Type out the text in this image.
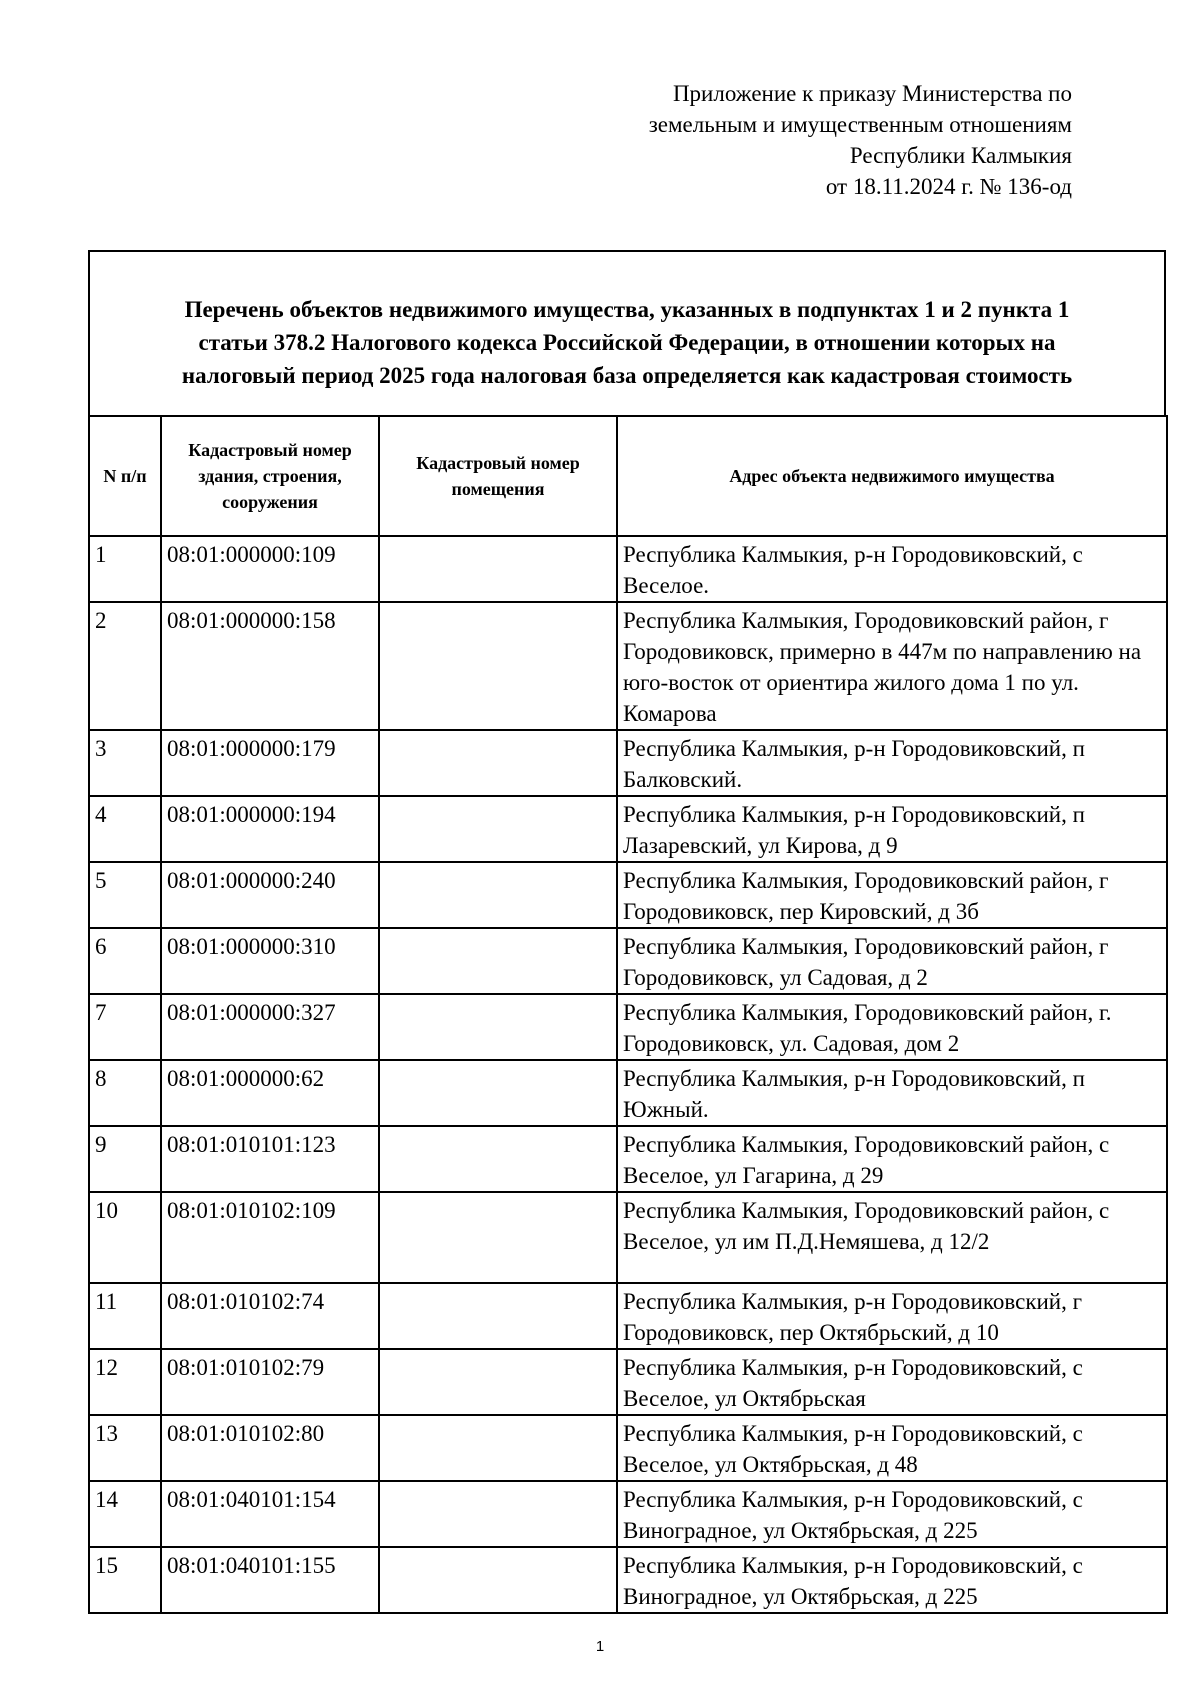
Приложение к приказу Министерства по
земельным и имущественным отношениям
Республики Калмыкия
от 18.11.2024 г. № 136-од
Перечень объектов недвижимого имущества, указанных в подпунктах 1 и 2 пункта 1
статьи 378.2 Налогового кодекса Российской Федерации, в отношении которых на
налоговый период 2025 года налоговая база определяется как кадастровая стоимость
N п/п	Кадастровый номер здания, строения, сооружения	Кадастровый номер помещения	Адрес объекта недвижимого имущества
1	08:01:000000:109		Республика Калмыкия, р-н Городовиковский, с Веселое.
2	08:01:000000:158		Республика Калмыкия, Городовиковский район, г Городовиковск, примерно в 447м по направлению на юго-восток от ориентира жилого дома 1 по ул. Комарова
3	08:01:000000:179		Республика Калмыкия, р-н Городовиковский, п Балковский.
4	08:01:000000:194		Республика Калмыкия, р-н Городовиковский, п Лазаревский, ул Кирова, д 9
5	08:01:000000:240		Республика Калмыкия, Городовиковский район, г Городовиковск, пер Кировский, д 3б
6	08:01:000000:310		Республика Калмыкия, Городовиковский район, г Городовиковск, ул Садовая, д 2
7	08:01:000000:327		Республика Калмыкия, Городовиковский район, г. Городовиковск, ул. Садовая, дом 2
8	08:01:000000:62		Республика Калмыкия, р-н Городовиковский, п Южный.
9	08:01:010101:123		Республика Калмыкия, Городовиковский район, с Веселое, ул Гагарина, д 29
10	08:01:010102:109		Республика Калмыкия, Городовиковский район, с Веселое, ул им П.Д.Немяшева, д 12/2
11	08:01:010102:74		Республика Калмыкия, р-н Городовиковский, г Городовиковск, пер Октябрьский, д 10
12	08:01:010102:79		Республика Калмыкия, р-н Городовиковский, с Веселое, ул Октябрьская
13	08:01:010102:80		Республика Калмыкия, р-н Городовиковский, с Веселое, ул Октябрьская, д 48
14	08:01:040101:154		Республика Калмыкия, р-н Городовиковский, с Виноградное, ул Октябрьская, д 225
15	08:01:040101:155		Республика Калмыкия, р-н Городовиковский, с Виноградное, ул Октябрьская, д 225
1
